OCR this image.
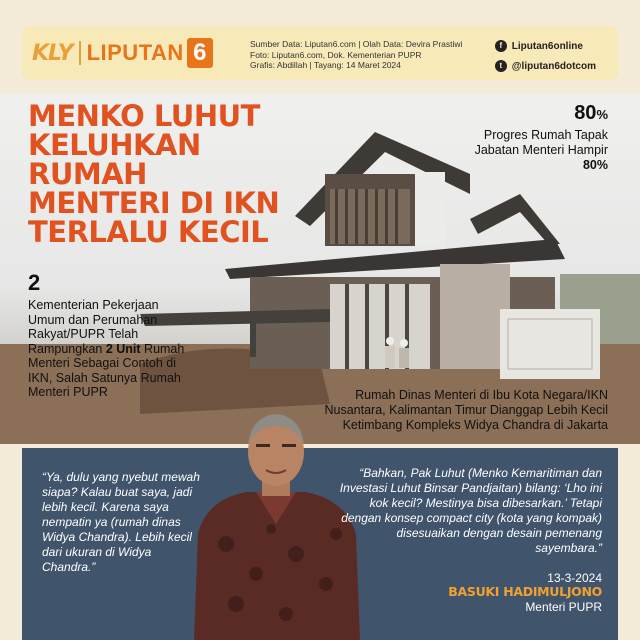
KLY LIPUTAN 6	Sumber Data: Liputan6.com | Olah Data: Devira Prastiwi
Foto: Liputan6.com, Dok. Kementerian PUPR
Grafis: Abdillah | Tayang: 14 Maret 2024
f Liputan6online
t @liputan6dotcom
MENKO LUHUT KELUHKAN RUMAH MENTERI DI IKN TERLALU KECIL
2
Kementerian Pekerjaan Umum dan Perumahan Rakyat/PUPR Telah Rampungkan 2 Unit Rumah Menteri Sebagai Contoh di IKN, Salah Satunya Rumah Menteri PUPR
80%
Progres Rumah Tapak Jabatan Menteri Hampir 80%
Rumah Dinas Menteri di Ibu Kota Negara/IKN Nusantara, Kalimantan Timur Dianggap Lebih Kecil Ketimbang Kompleks Widya Chandra di Jakarta
“Ya, dulu yang nyebut mewah siapa? Kalau buat saya, jadi lebih kecil. Karena saya nempatin ya (rumah dinas Widya Chandra). Lebih kecil dari ukuran di Widya Chandra.”
“Bahkan, Pak Luhut (Menko Kemaritiman dan Investasi Luhut Binsar Pandjaitan) bilang: ‘Lho ini kok kecil? Mestinya bisa dibesarkan.’ Tetapi dengan konsep compact city (kota yang kompak) disesuaikan dengan desain pemenang sayembara.”
13-3-2024
BASUKI HADIMULJONO
Menteri PUPR
